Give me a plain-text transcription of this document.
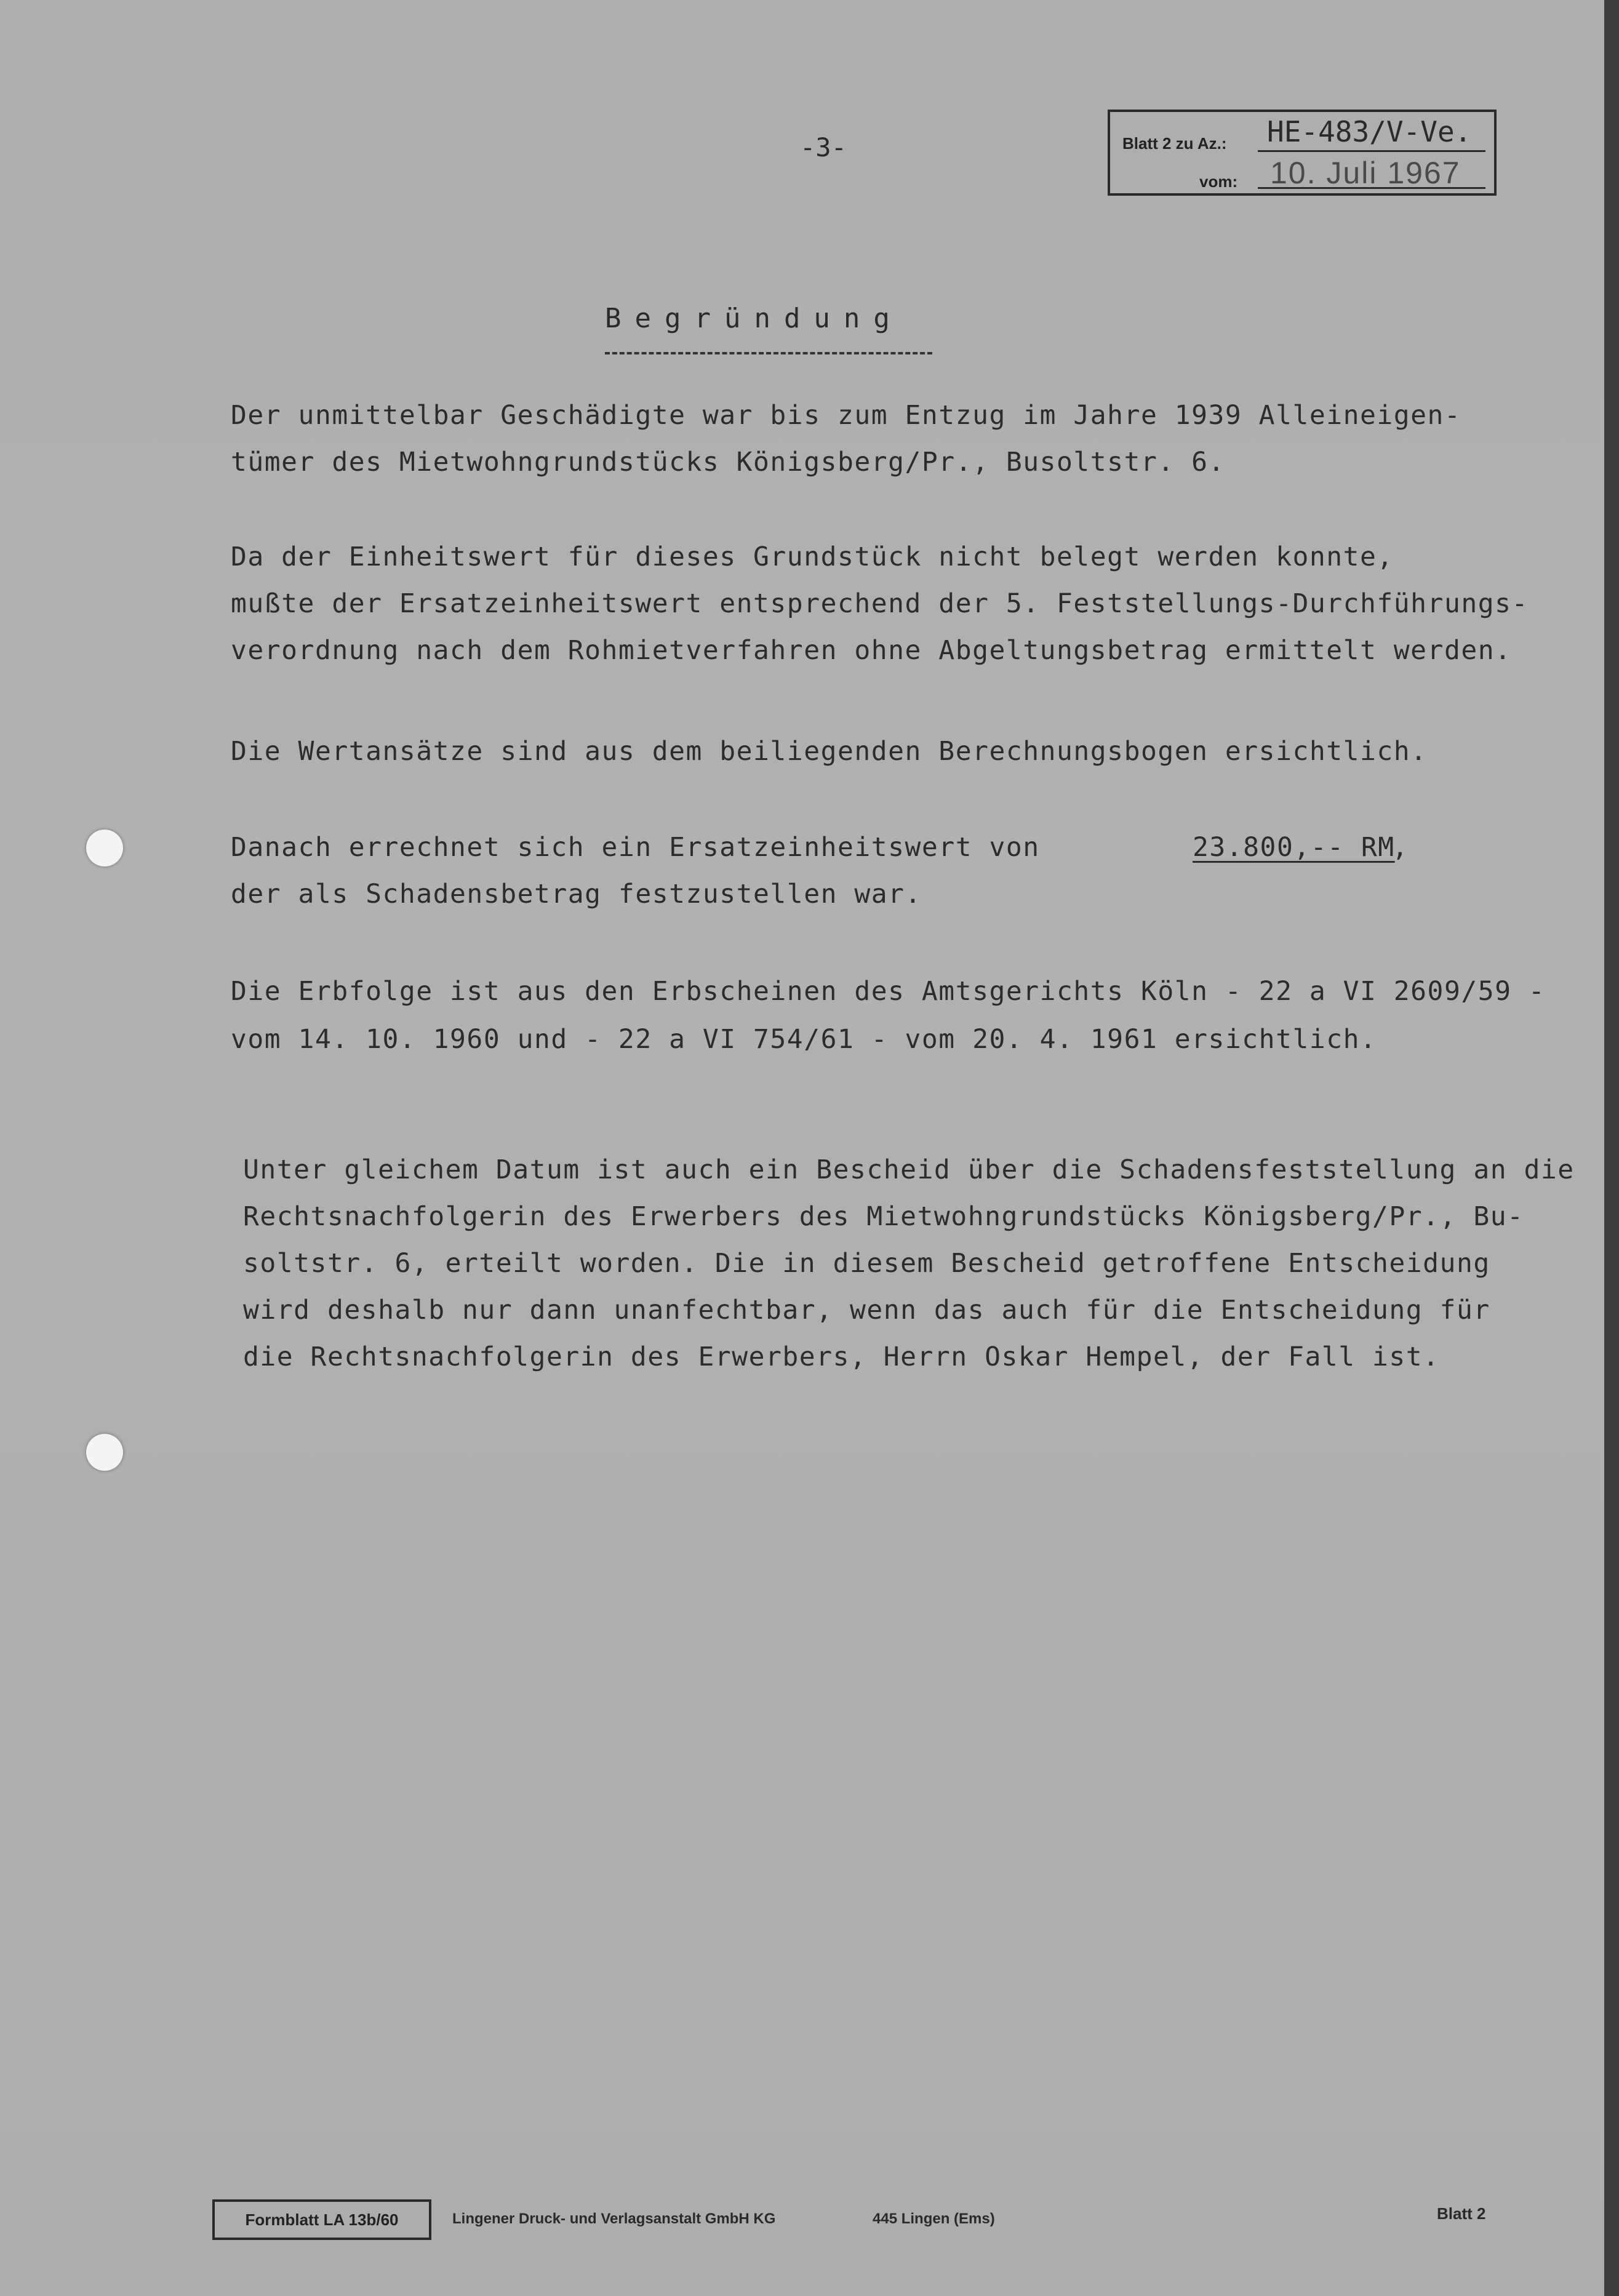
-3-	Blatt 2 zu Az.: HE-483/V-Ve.
vom: 10. Juli 1967
Begründung
Der unmittelbar Geschädigte war bis zum Entzug im Jahre 1939 Alleineigen-
tümer des Mietwohngrundstücks Königsberg/Pr., Busoltstr. 6.
Da der Einheitswert für dieses Grundstück nicht belegt werden konnte,
mußte der Ersatzeinheitswert entsprechend der 5. Feststellungs-Durchführungs-
verordnung nach dem Rohmietverfahren ohne Abgeltungsbetrag ermittelt werden.
Die Wertansätze sind aus dem beiliegenden Berechnungsbogen ersichtlich.
Danach errechnet sich ein Ersatzeinheitswert von	23.800,-- RM
,
der als Schadensbetrag festzustellen war.
Die Erbfolge ist aus den Erbscheinen des Amtsgerichts Köln - 22 a VI 2609/59 -
vom 14. 10. 1960 und - 22 a VI 754/61 - vom 20. 4. 1961 ersichtlich.
Unter gleichem Datum ist auch ein Bescheid über die Schadensfeststellung an die
Rechtsnachfolgerin des Erwerbers des Mietwohngrundstücks Königsberg/Pr., Bu-
soltstr. 6, erteilt worden. Die in diesem Bescheid getroffene Entscheidung
wird deshalb nur dann unanfechtbar, wenn das auch für die Entscheidung für
die Rechtsnachfolgerin des Erwerbers, Herrn Oskar Hempel, der Fall ist.
Formblatt LA 13b/60	Lingener Druck- und Verlagsanstalt GmbH KG	445 Lingen (Ems)	Blatt 2
